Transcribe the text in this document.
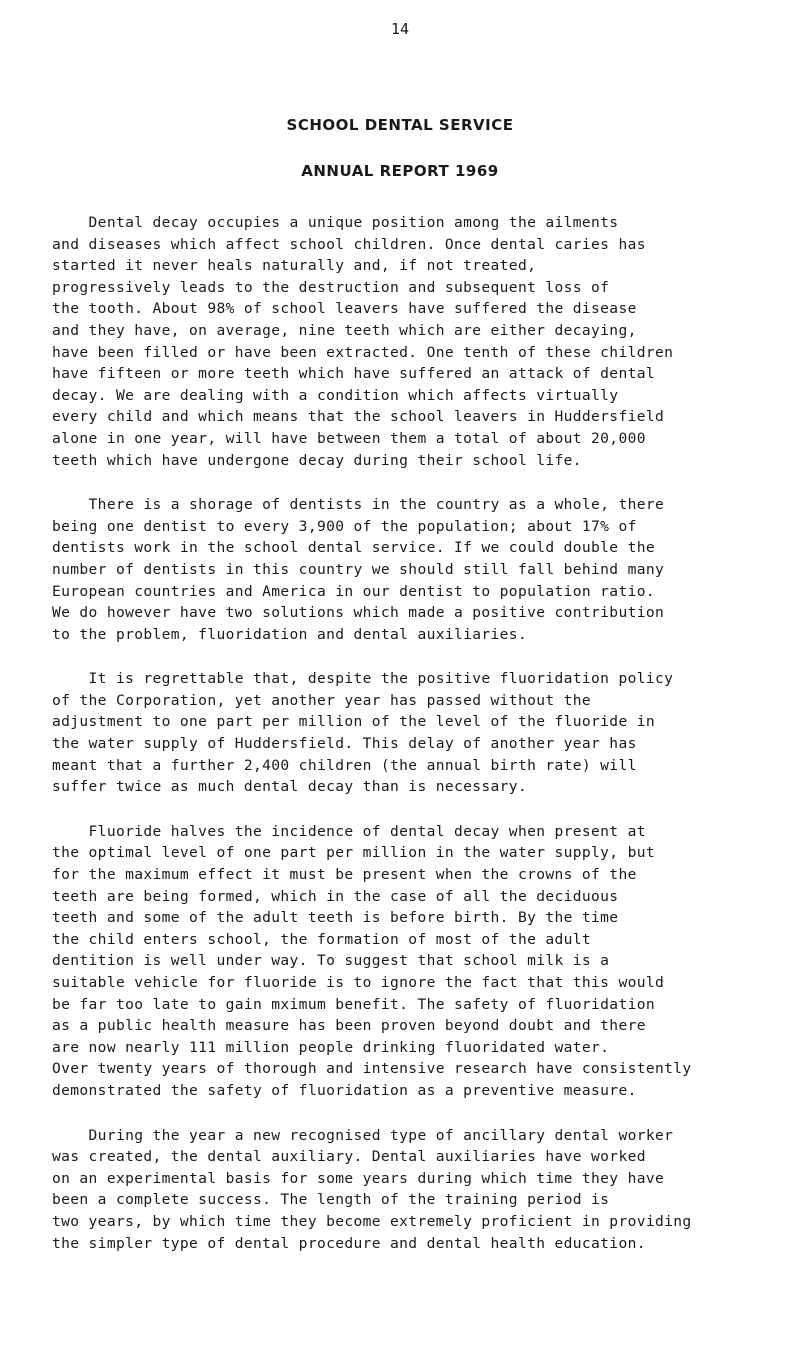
14
SCHOOL DENTAL SERVICE
ANNUAL REPORT 1969
Dental decay occupies a unique position among the ailments
and diseases which affect school children. Once dental caries has
started it never heals naturally and, if not treated,
progressively leads to the destruction and subsequent loss of
the tooth. About 98% of school leavers have suffered the disease
and they have, on average, nine teeth which are either decaying,
have been filled or have been extracted. One tenth of these children
have fifteen or more teeth which have suffered an attack of dental
decay. We are dealing with a condition which affects virtually
every child and which means that the school leavers in Huddersfield
alone in one year, will have between them a total of about 20,000
teeth which have undergone decay during their school life.
There is a shorage of dentists in the country as a whole, there
being one dentist to every 3,900 of the population; about 17% of
dentists work in the school dental service. If we could double the
number of dentists in this country we should still fall behind many
European countries and America in our dentist to population ratio.
We do however have two solutions which made a positive contribution
to the problem, fluoridation and dental auxiliaries.
It is regrettable that, despite the positive fluoridation policy
of the Corporation, yet another year has passed without the
adjustment to one part per million of the level of the fluoride in
the water supply of Huddersfield. This delay of another year has
meant that a further 2,400 children (the annual birth rate) will
suffer twice as much dental decay than is necessary.
Fluoride halves the incidence of dental decay when present at
the optimal level of one part per million in the water supply, but
for the maximum effect it must be present when the crowns of the
teeth are being formed, which in the case of all the deciduous
teeth and some of the adult teeth is before birth. By the time
the child enters school, the formation of most of the adult
dentition is well under way. To suggest that school milk is a
suitable vehicle for fluoride is to ignore the fact that this would
be far too late to gain mximum benefit. The safety of fluoridation
as a public health measure has been proven beyond doubt and there
are now nearly 111 million people drinking fluoridated water.
Over twenty years of thorough and intensive research have consistently
demonstrated the safety of fluoridation as a preventive measure.
During the year a new recognised type of ancillary dental worker
was created, the dental auxiliary. Dental auxiliaries have worked
on an experimental basis for some years during which time they have
been a complete success. The length of the training period is
two years, by which time they become extremely proficient in providing
the simpler type of dental procedure and dental health education.
